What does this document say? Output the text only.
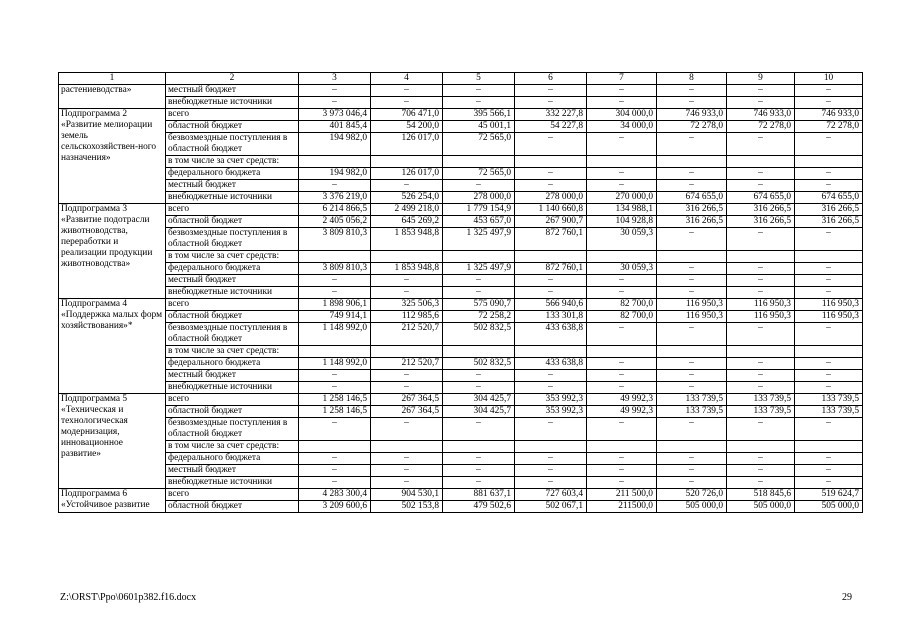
1	2	3	4	5	6	7	8	9	10
растениеводства»	местный бюджет	–	–	–	–	–	–	–	–
	внебюджетные источники	–	–	–	–	–	–	–	–
Подпрограмма 2 «Развитие мелиорации земель сельскохозяйствен-ного назначения»	всего	3 973 046,4	706 471,0	395 566,1	332 227,8	304 000,0	746 933,0	746 933,0	746 933,0
	областной бюджет	401 845,4	54 200,0	45 001,1	54 227,8	34 000,0	72 278,0	72 278,0	72 278,0
	безвозмездные поступления в областной бюджет	194 982,0	126 017,0	72 565,0	–	–	–	–	–
	в том числе за счет средств:								
	федерального бюджета	194 982,0	126 017,0	72 565,0	–	–	–	–	–
	местный бюджет	–	–	–	–	–	–	–	–
	внебюджетные источники	3 376 219,0	526 254,0	278 000,0	278 000,0	270 000,0	674 655,0	674 655,0	674 655,0
Подпрограмма 3 «Развитие подотрасли животноводства, переработки и реализации продукции животноводства»	всего	6 214 866,5	2 499 218,0	1 779 154,9	1 140 660,8	134 988,1	316 266,5	316 266,5	316 266,5
	областной бюджет	2 405 056,2	645 269,2	453 657,0	267 900,7	104 928,8	316 266,5	316 266,5	316 266,5
	безвозмездные поступления в областной бюджет	3 809 810,3	1 853 948,8	1 325 497,9	872 760,1	30 059,3	–	–	–
	в том числе за счет средств:								
	федерального бюджета	3 809 810,3	1 853 948,8	1 325 497,9	872 760,1	30 059,3	–	–	–
	местный бюджет	–	–	–	–	–	–	–	–
	внебюджетные источники	–	–	–	–	–	–	–	–
Подпрограмма 4 «Поддержка малых форм хозяйствования»*	всего	1 898 906,1	325 506,3	575 090,7	566 940,6	82 700,0	116 950,3	116 950,3	116 950,3
	областной бюджет	749 914,1	112 985,6	72 258,2	133 301,8	82 700,0	116 950,3	116 950,3	116 950,3
	безвозмездные поступления в областной бюджет	1 148 992,0	212 520,7	502 832,5	433 638,8	–	–	–	–
	в том числе за счет средств:								
	федерального бюджета	1 148 992,0	212 520,7	502 832,5	433 638,8	–	–	–	–
	местный бюджет	–	–	–	–	–	–	–	–
	внебюджетные источники	–	–	–	–	–	–	–	–
Подпрограмма 5 «Техническая и технологическая модернизация, инновационное развитие»	всего	1 258 146,5	267 364,5	304 425,7	353 992,3	49 992,3	133 739,5	133 739,5	133 739,5
	областной бюджет	1 258 146,5	267 364,5	304 425,7	353 992,3	49 992,3	133 739,5	133 739,5	133 739,5
	безвозмездные поступления в областной бюджет	–	–	–	–	–	–	–	–
	в том числе за счет средств:								
	федерального бюджета	–	–	–	–	–	–	–	–
	местный бюджет	–	–	–	–	–	–	–	–
	внебюджетные источники	–	–	–	–	–	–	–	–
Подпрограмма 6 «Устойчивое развитие	всего	4 283 300,4	904 530,1	881 637,1	727 603,4	211 500,0	520 726,0	518 845,6	519 624,7
	областной бюджет	3 209 600,6	502 153,8	479 502,6	502 067,1	211500,0	505 000,0	505 000,0	505 000,0
Z:\ORST\Ppo\0601p382.f16.docx	29
